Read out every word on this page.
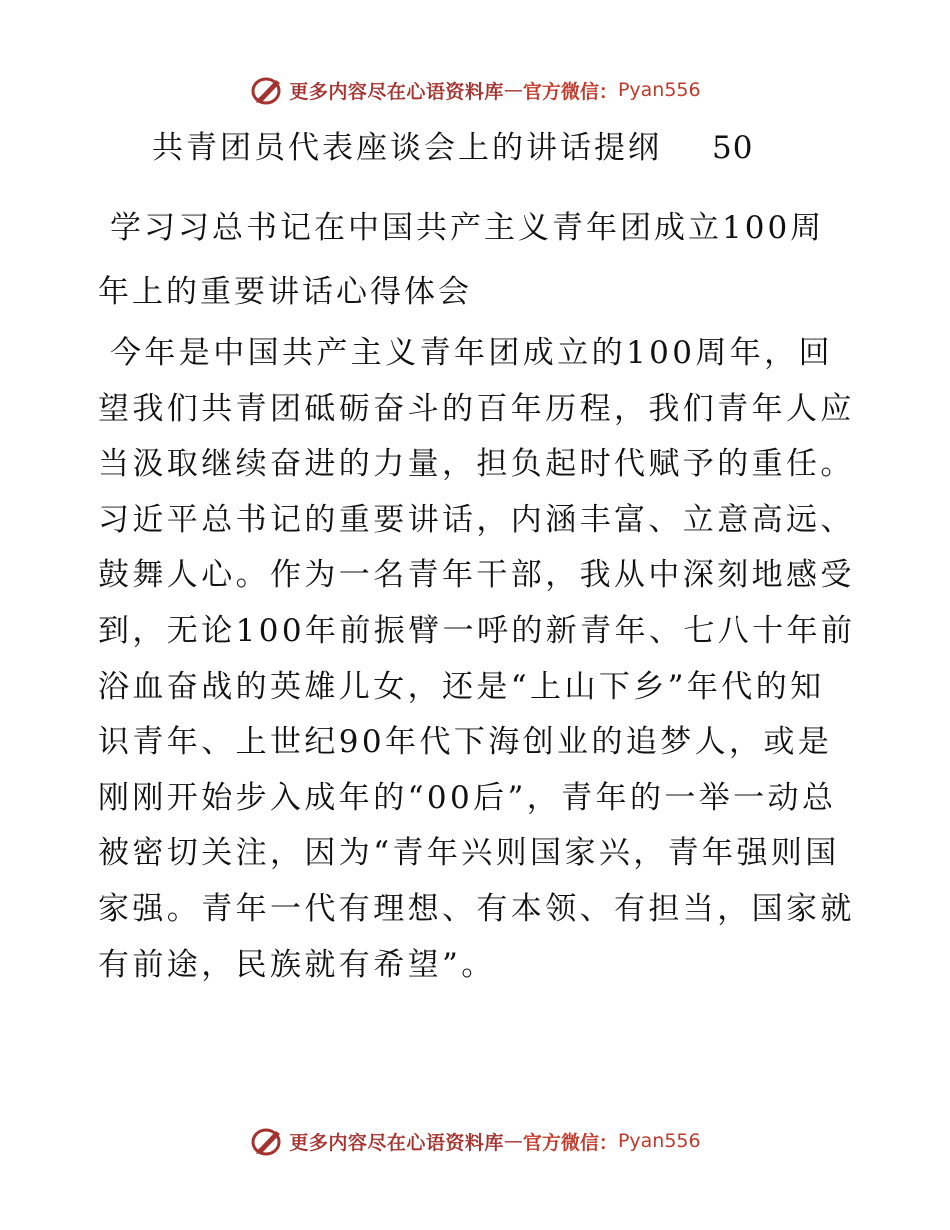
更多内容尽在心语资料库 — 官方微信： Pyan556
共青团员代表座谈会上的讲话提纲 50
学习习总书记在中国共产主义青年团成立100周
年上的重要讲话心得体会
今年是中国共产主义青年团成立的100周年，回
望我们共青团砥砺奋斗的百年历程，我们青年人应
当汲取继续奋进的力量，担负起时代赋予的重任。
习近平总书记的重要讲话，内涵丰富、立意高远、
鼓舞人心。作为一名青年干部，我从中深刻地感受
到，无论100年前振臂一呼的新青年、七八十年前
浴血奋战的英雄儿女，还是“上山下乡”年代的知
识青年、上世纪90年代下海创业的追梦人，或是
刚刚开始步入成年的“00后”，青年的一举一动总
被密切关注，因为“青年兴则国家兴，青年强则国
家强。青年一代有理想、有本领、有担当，国家就
有前途，民族就有希望”。
更多内容尽在心语资料库 — 官方微信： Pyan556
